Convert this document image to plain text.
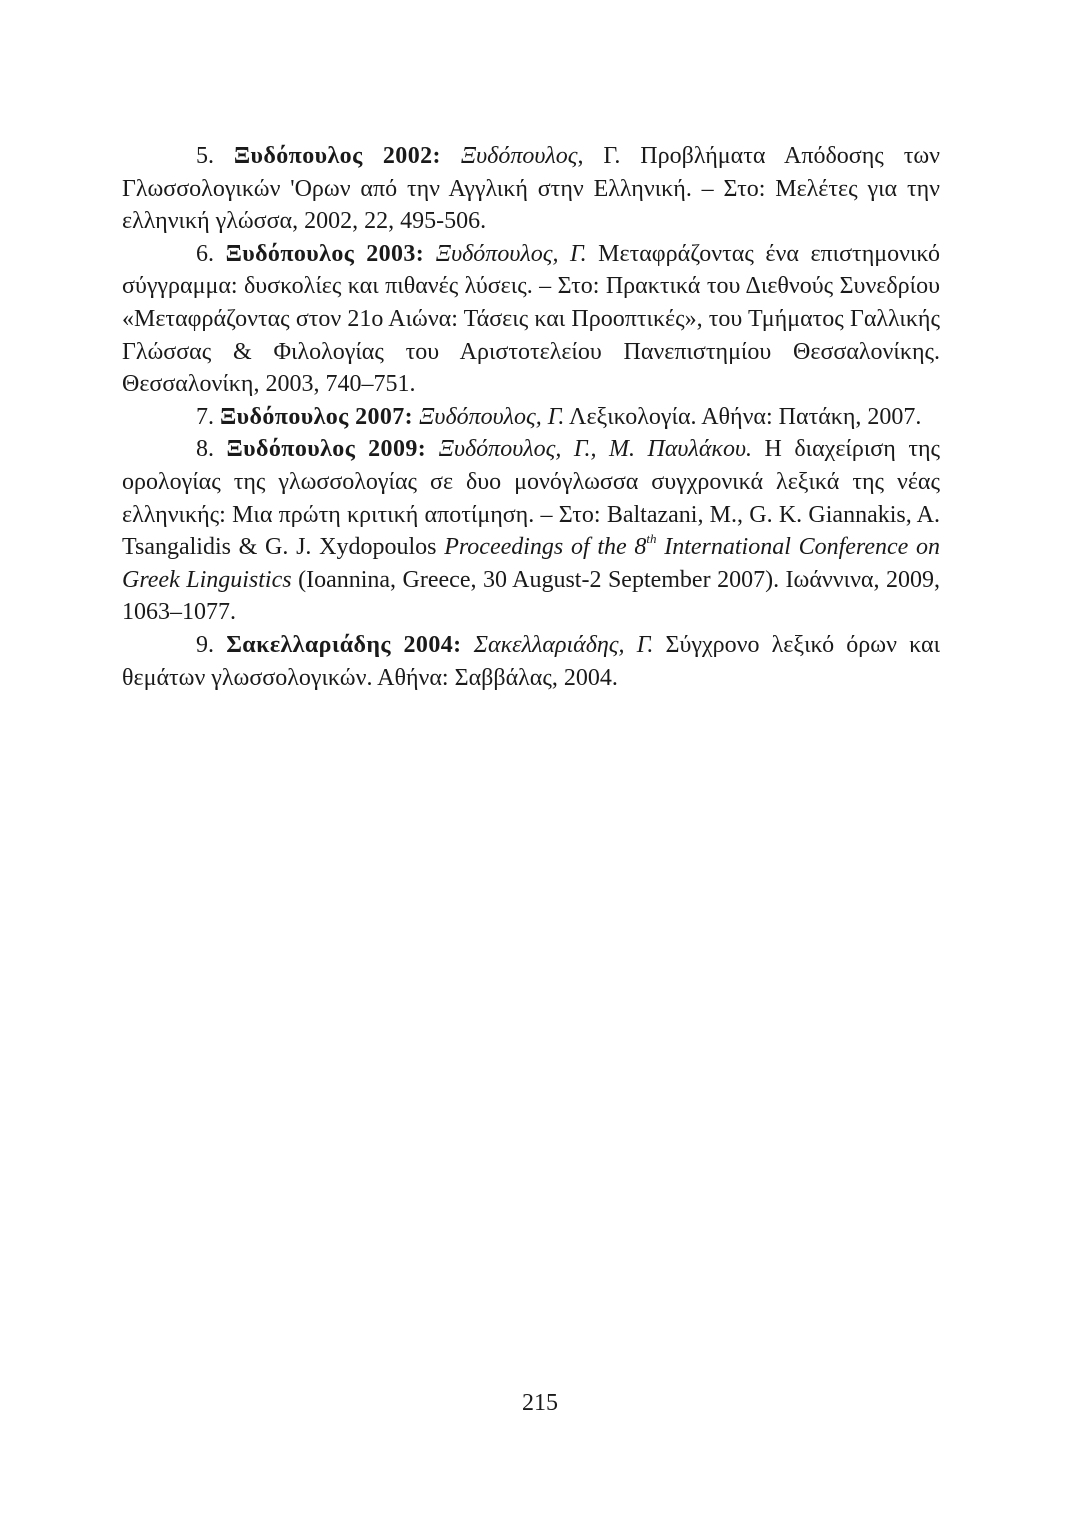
5. Ξυδόπουλος 2002: Ξυδόπουλος, Γ. Προβλήματα Απόδοσης των Γλωσσολογικών 'Ορων από την Αγγλική στην Ελληνική. – Στο: Μελέτες για την ελληνική γλώσσα, 2002, 22, 495-506.

6. Ξυδόπουλος 2003: Ξυδόπουλος, Γ. Μεταφράζοντας ένα επιστημονικό σύγγραμμα: δυσκολίες και πιθανές λύσεις. – Στο: Πρακτικά του Διεθνούς Συνεδρίου «Μεταφράζοντας στον 21ο Αιώνα: Τάσεις και Προοπτικές», του Τμήματος Γαλλικής Γλώσσας & Φιλολογίας του Αριστοτελείου Πανεπιστημίου Θεσσαλονίκης. Θεσσαλονίκη, 2003, 740–751.

7. Ξυδόπουλος 2007: Ξυδόπουλος, Γ. Λεξικολογία. Αθήνα: Πατάκη, 2007.

8. Ξυδόπουλος 2009: Ξυδόπουλος, Γ., Μ. Παυλάκου. Η διαχείριση της ορολογίας της γλωσσολογίας σε δυο μονόγλωσσα συγχρονικά λεξικά της νέας ελληνικής: Μια πρώτη κριτική αποτίμηση. – Στο: Baltazani, M., G. K. Giannakis, A. Tsangalidis & G. J. Xydopoulos Proceedings of the 8th International Conference on Greek Linguistics (Ioannina, Greece, 30 August-2 September 2007). Ιωάννινα, 2009, 1063–1077.

9. Σακελλαριάδης 2004: Σακελλαριάδης, Γ. Σύγχρονο λεξικό όρων και θεμάτων γλωσσολογικών. Αθήνα: Σαββάλας, 2004.

215
